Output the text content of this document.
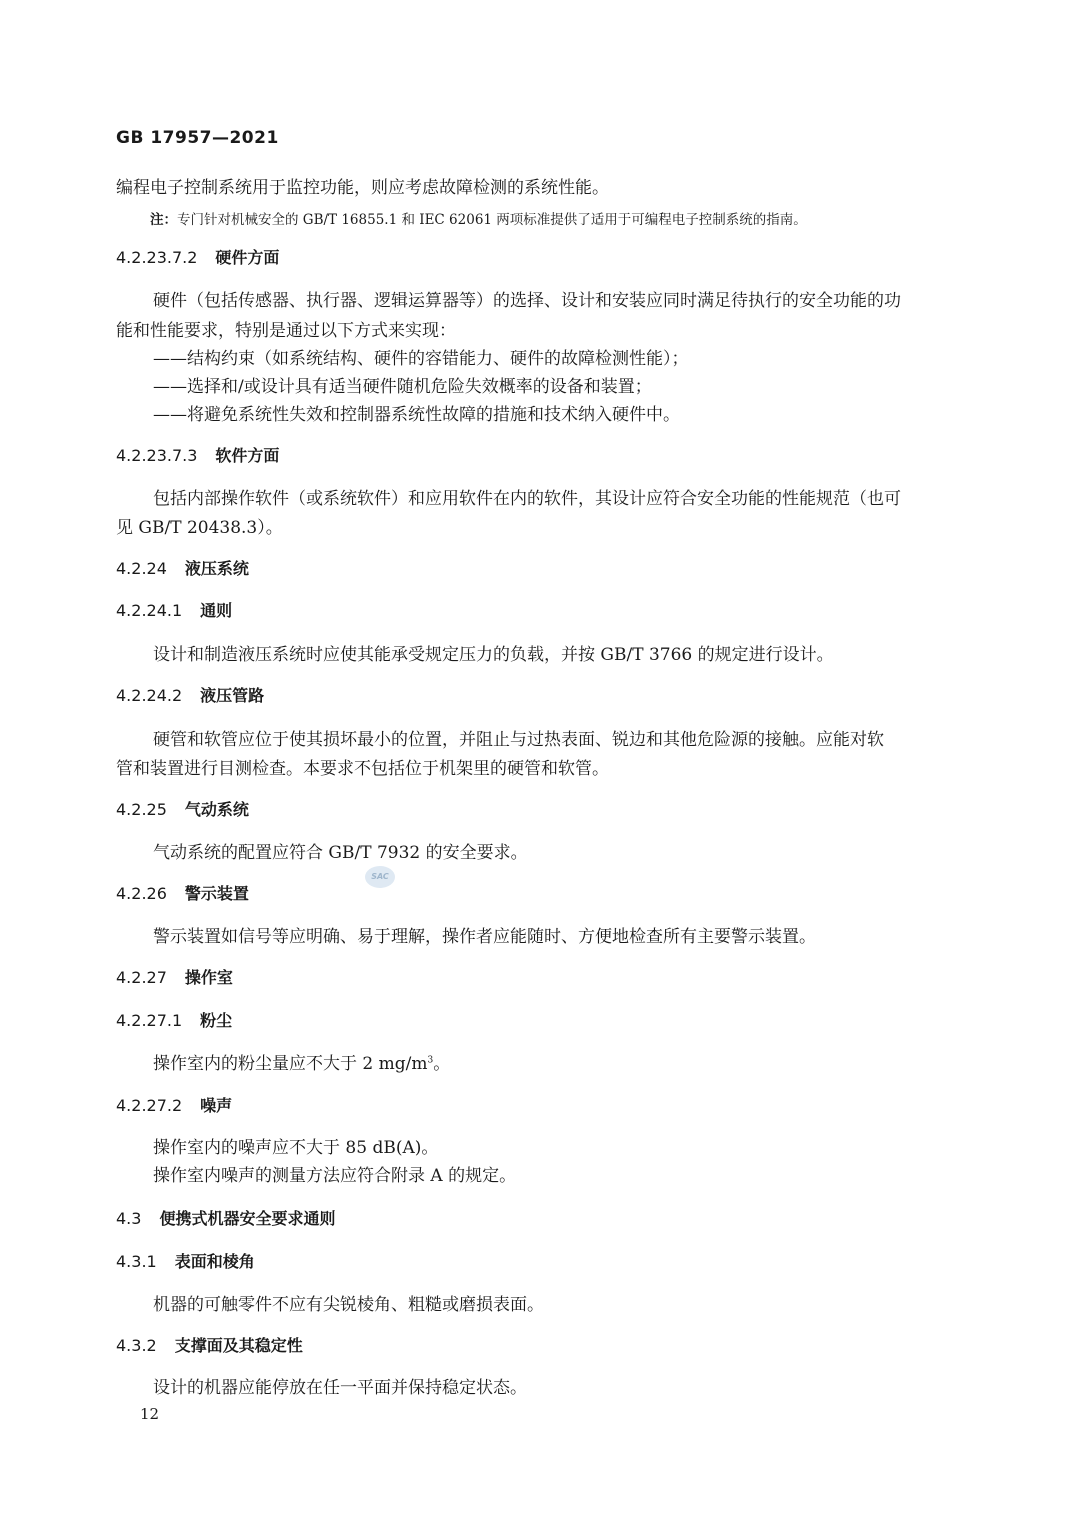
GB 17957—2021
编程电子控制系统用于监控功能，则应考虑故障检测的系统性能。
注：专门针对机械安全的 GB/T 16855.1 和 IEC 62061 两项标准提供了适用于可编程电子控制系统的指南。
4.2.23.7.2 硬件方面
硬件（包括传感器、执行器、逻辑运算器等）的选择、设计和安装应同时满足待执行的安全功能的功
能和性能要求，特别是通过以下方式来实现：
——结构约束（如系统结构、硬件的容错能力、硬件的故障检测性能）；
——选择和/或设计具有适当硬件随机危险失效概率的设备和装置；
——将避免系统性失效和控制器系统性故障的措施和技术纳入硬件中。
4.2.23.7.3 软件方面
包括内部操作软件（或系统软件）和应用软件在内的软件，其设计应符合安全功能的性能规范（也可
见 GB/T 20438.3）。
4.2.24 液压系统
4.2.24.1 通则
设计和制造液压系统时应使其能承受规定压力的负载，并按 GB/T 3766 的规定进行设计。
4.2.24.2 液压管路
硬管和软管应位于使其损坏最小的位置，并阻止与过热表面、锐边和其他危险源的接触。应能对软
管和装置进行目测检查。本要求不包括位于机架里的硬管和软管。
4.2.25 气动系统
气动系统的配置应符合 GB/T 7932 的安全要求。
SAC
4.2.26 警示装置
警示装置如信号等应明确、易于理解，操作者应能随时、方便地检查所有主要警示装置。
4.2.27 操作室
4.2.27.1 粉尘
操作室内的粉尘量应不大于 2 $mg/m^3$。
4.2.27.2 噪声
操作室内的噪声应不大于 85 dB(A)。
操作室内噪声的测量方法应符合附录 A 的规定。
4.3 便携式机器安全要求通则
4.3.1 表面和棱角
机器的可触零件不应有尖锐棱角、粗糙或磨损表面。
4.3.2 支撑面及其稳定性
设计的机器应能停放在任一平面并保持稳定状态。
12
